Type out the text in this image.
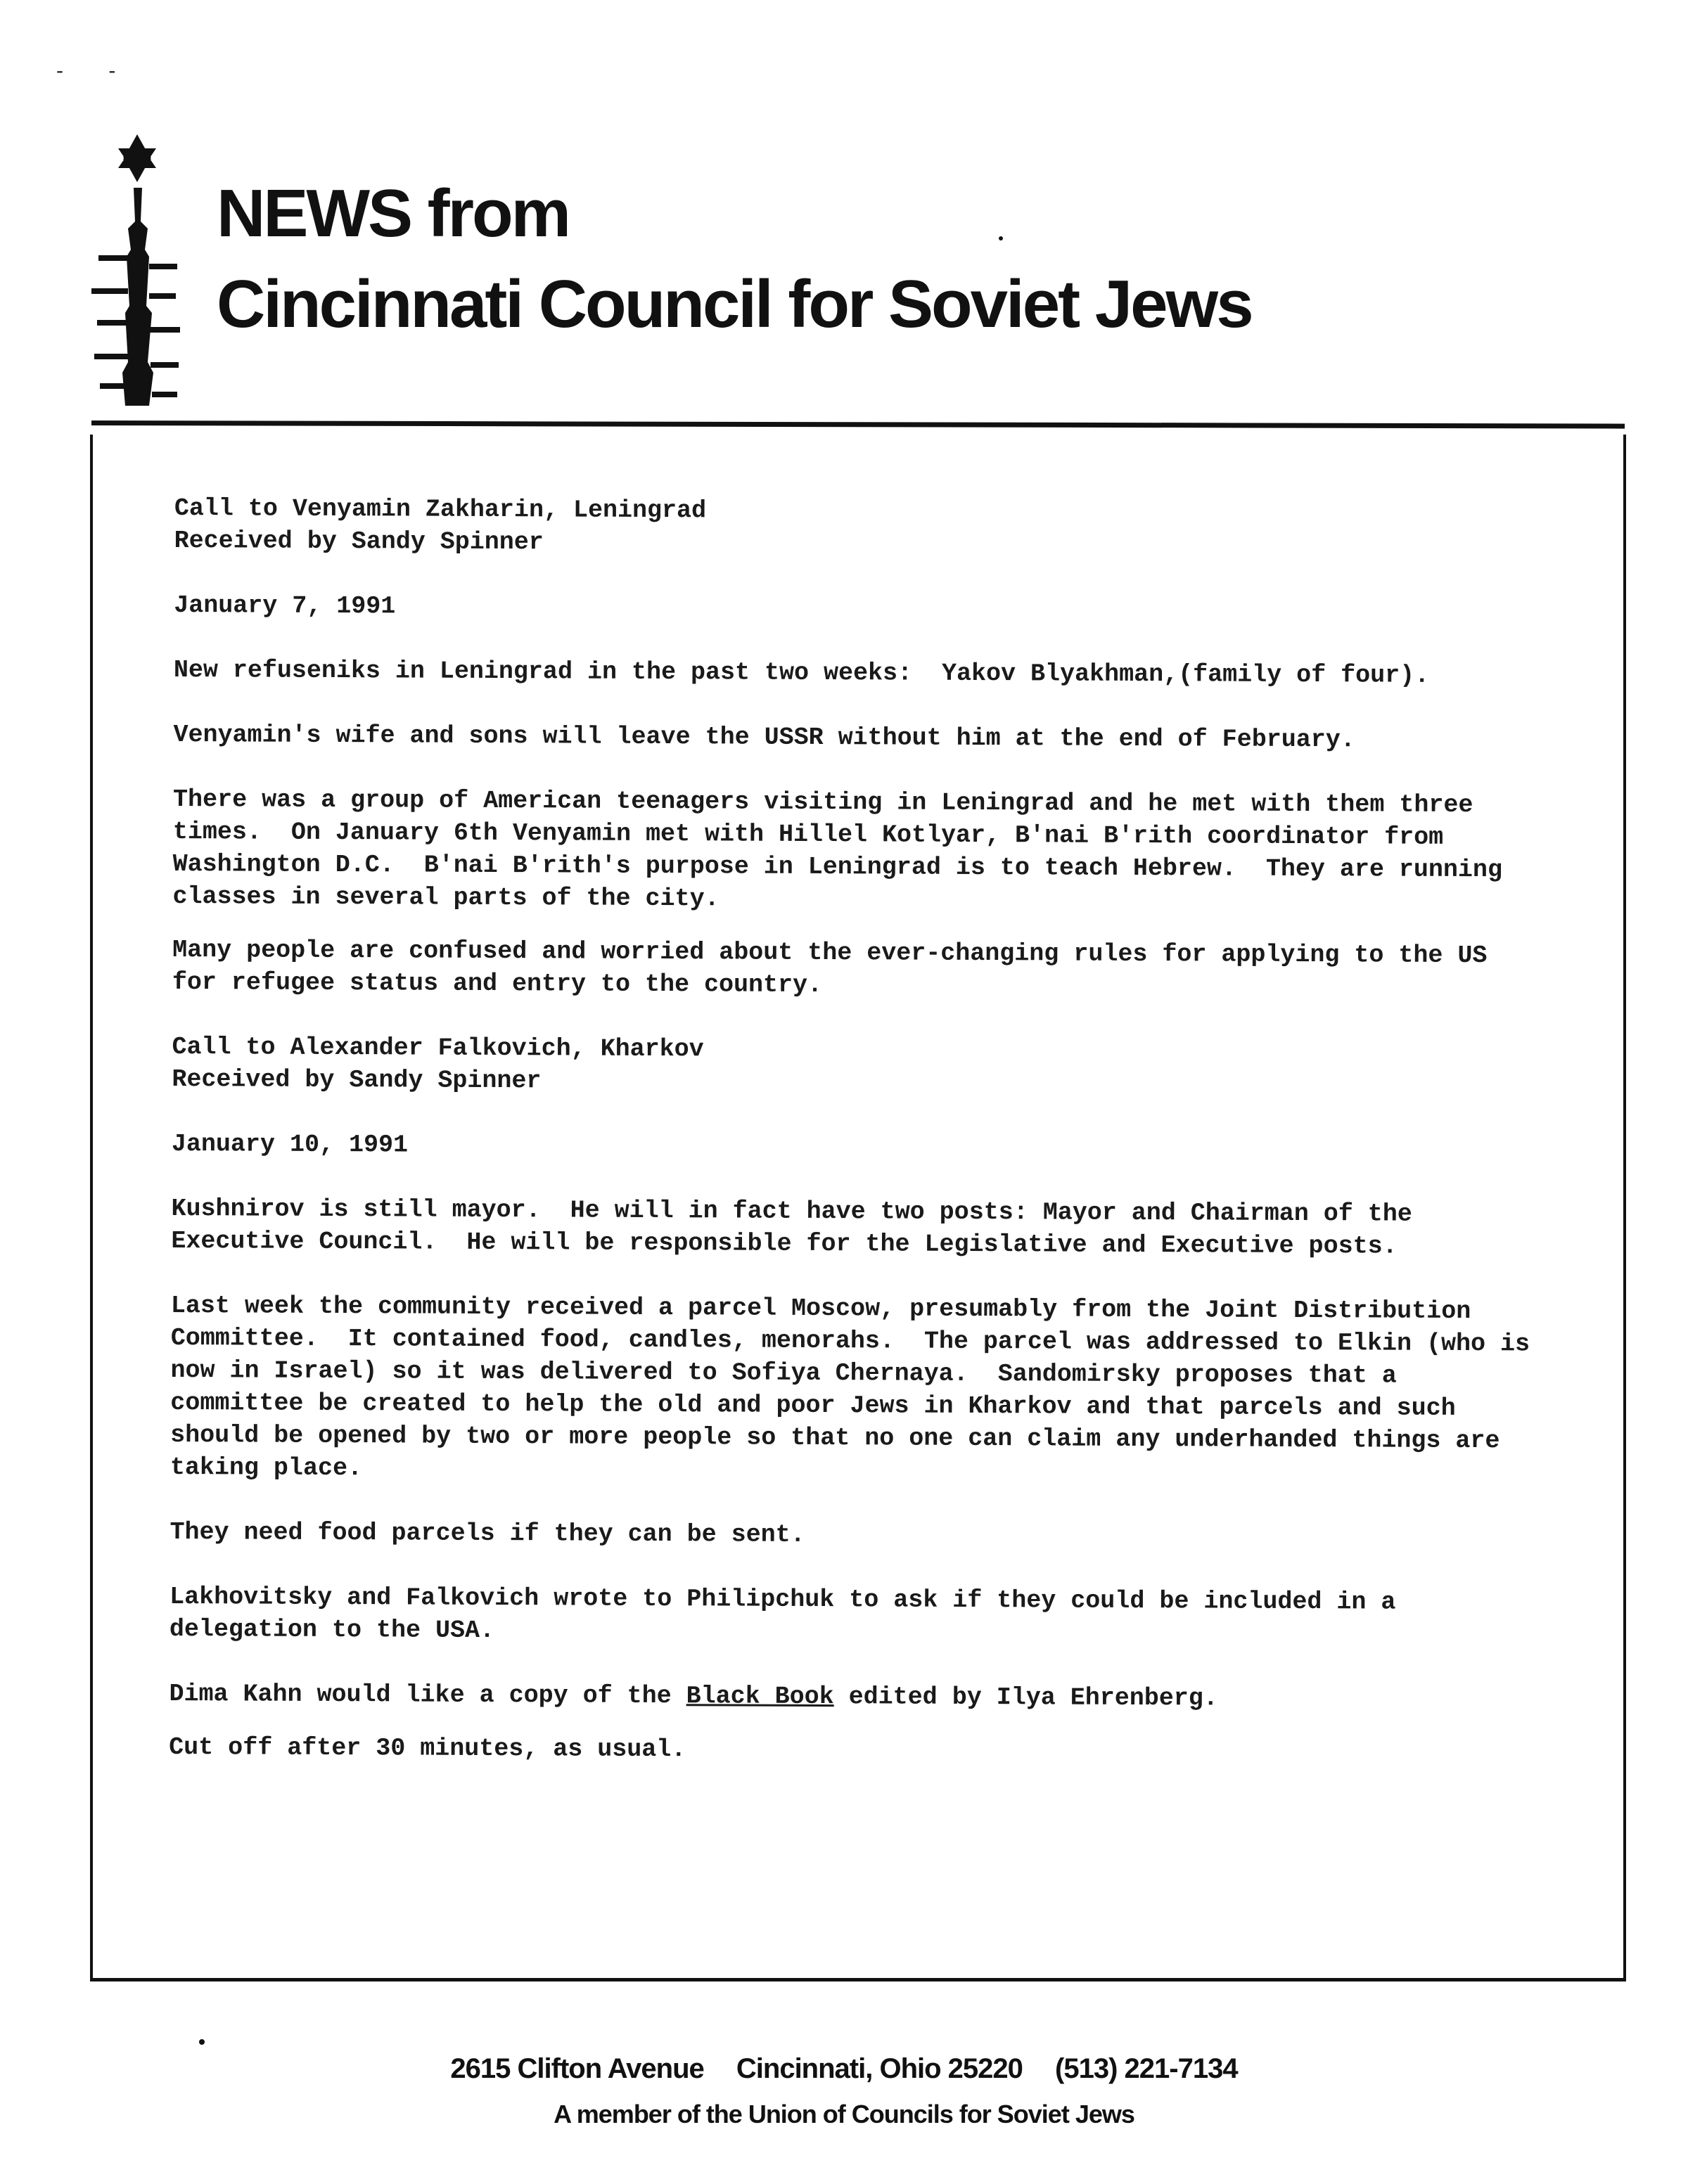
- -
NEWS from
Cincinnati Council for Soviet Jews

Call to Venyamin Zakharin, Leningrad

Received by Sandy Spinner

January 7, 1991

New refuseniks in Leningrad in the past two weeks:  Yakov Blyakhman,(family of four).

Venyamin's wife and sons will leave the USSR without him at the end of February.

There was a group of American teenagers visiting in Leningrad and he met with them three times.  On January 6th Venyamin met with Hillel Kotlyar, B'nai B'rith coordinator from Washington D.C.  B'nai B'rith's purpose in Leningrad is to teach Hebrew.  They are running classes in several parts of the city.

Many people are confused and worried about the ever-changing rules for applying to the US for refugee status and entry to the country.

Call to Alexander Falkovich, Kharkov

Received by Sandy Spinner

January 10, 1991

Kushnirov is still mayor.  He will in fact have two posts: Mayor and Chairman of the Executive Council.  He will be responsible for the Legislative and Executive posts.

Last week the community received a parcel Moscow, presumably from the Joint Distribution Committee.  It contained food, candles, menorahs.  The parcel was addressed to Elkin (who is now in Israel) so it was delivered to Sofiya Chernaya.  Sandomirsky proposes that a committee be created to help the old and poor Jews in Kharkov and that parcels and such should be opened by two or more people so that no one can claim any underhanded things are taking place.

They need food parcels if they can be sent.

Lakhovitsky and Falkovich wrote to Philipchuk to ask if they could be included in a delegation to the USA.

Dima Kahn would like a copy of the Black Book edited by Ilya Ehrenberg.

Cut off after 30 minutes, as usual.

2615 Clifton Avenue Cincinnati, Ohio 25220 (513) 221-7134
A member of the Union of Councils for Soviet Jews
